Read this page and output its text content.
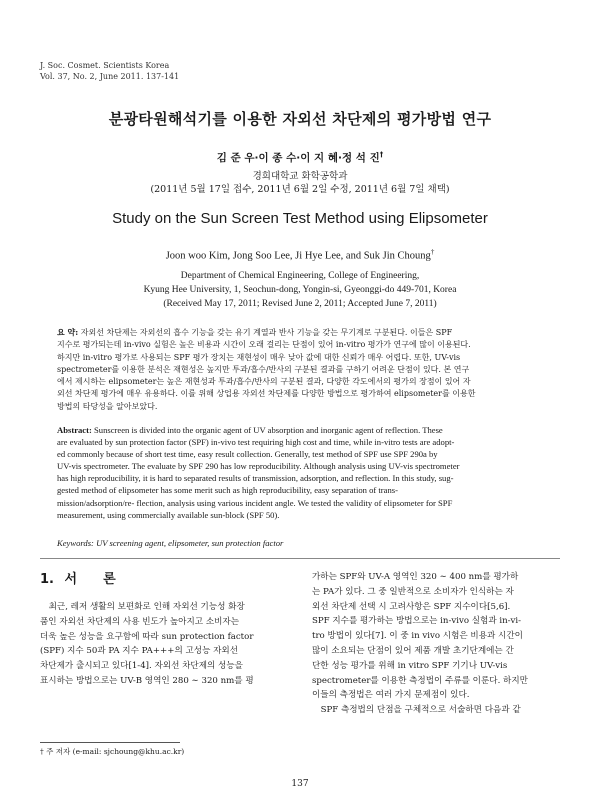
J. Soc. Cosmet. Scientists Korea
Vol. 37, No. 2, June 2011. 137-141
분광타원해석기를 이용한 자외선 차단제의 평가방법 연구
김 준 우·이 종 수·이 지 혜·정 석 진†
경희대학교 화학공학과
(2011년 5월 17일 접수, 2011년 6월 2일 수정, 2011년 6월 7일 채택)
Study on the Sun Screen Test Method using Elipsometer
Joon woo Kim, Jong Soo Lee, Ji Hye Lee, and Suk Jin Choung†
Department of Chemical Engineering, College of Engineering,
Kyung Hee University, 1, Seochun-dong, Yongin-si, Gyeonggi-do 449-701, Korea
(Received May 17, 2011; Revised June 2, 2011; Accepted June 7, 2011)
요 약: 자외선 차단제는 자외선의 흡수 기능을 갖는 유기 계열과 반사 기능을 갖는 무기계로 구분된다. 이들은 SPF
지수로 평가되는데 in-vivo 실험은 높은 비용과 시간이 오래 걸리는 단점이 있어 in-vitro 평가가 연구에 많이 이용된다.
하지만 in-vitro 평가로 사용되는 SPF 평가 장치는 재현성이 매우 낮아 값에 대한 신뢰가 매우 어렵다. 또한, UV-vis
spectrometer를 이용한 분석은 재현성은 높지만 투과/흡수/반사의 구분된 결과를 구하기 어려운 단점이 있다. 본 연구
에서 제시하는 elipsometer는 높은 재현성과 투과/흡수/반사의 구분된 결과, 다양한 각도에서의 평가의 장점이 있어 자
외선 차단제 평가에 매우 유용하다. 이를 위해 상업용 자외선 차단제를 다양한 방법으로 평가하여 elipsometer를 이용한
방법의 타당성을 알아보았다.
Abstract: Sunscreen is divided into the organic agent of UV absorption and inorganic agent of reflection. These
are evaluated by sun protection factor (SPF) in-vivo test requiring high cost and time, while in-vitro tests are adopt-
ed commonly because of short test time, easy result collection. Generally, test method of SPF use SPF 290a by
UV-vis spectrometer. The evaluate by SPF 290 has low reproducibility. Although analysis using UV-vis spectrometer
has high reproducibility, it is hard to separated results of transmission, adsorption, and reflection. In this study, sug-
gested method of elipsometer has some merit such as high reproducibility, easy separation of trans-
mission/adsorption/re- flection, analysis using various incident angle. We tested the validity of elipsometer for SPF
measurement, using commercially available sun-block (SPF 50).
Keywords: UV screening agent, elipsometer, sun protection factor
1. 서　　론
　최근, 레저 생활의 보편화로 인해 자외선 기능성 화장
품인 자외선 차단제의 사용 빈도가 높아지고 소비자는
더욱 높은 성능을 요구함에 따라 sun protection factor
(SPF) 지수 50과 PA 지수 PA+++의 고성능 자외선
차단제가 출시되고 있다[1-4]. 자외선 차단제의 성능을
표시하는 방법으로는 UV-B 영역인 280 ∼ 320 nm를 평
가하는 SPF와 UV-A 영역인 320 ∼ 400 nm를 평가하
는 PA가 있다. 그 중 일반적으로 소비자가 인식하는 자
외선 차단제 선택 시 고려사항은 SPF 지수이다[5,6].
SPF 지수를 평가하는 방법으로는 in-vivo 실험과 in-vi-
tro 방법이 있다[7]. 이 중 in vivo 시험은 비용과 시간이
많이 소요되는 단점이 있어 제품 개발 초기단계에는 간
단한 성능 평가를 위해 in vitro SPF 기기나 UV-vis
spectrometer를 이용한 측정법이 주류를 이룬다. 하지만
이들의 측정법은 여러 가지 문제점이 있다.
　SPF 측정법의 단점을 구체적으로 서술하면 다음과 같
† 주 저자 (e-mail: sjchoung@khu.ac.kr)
137
